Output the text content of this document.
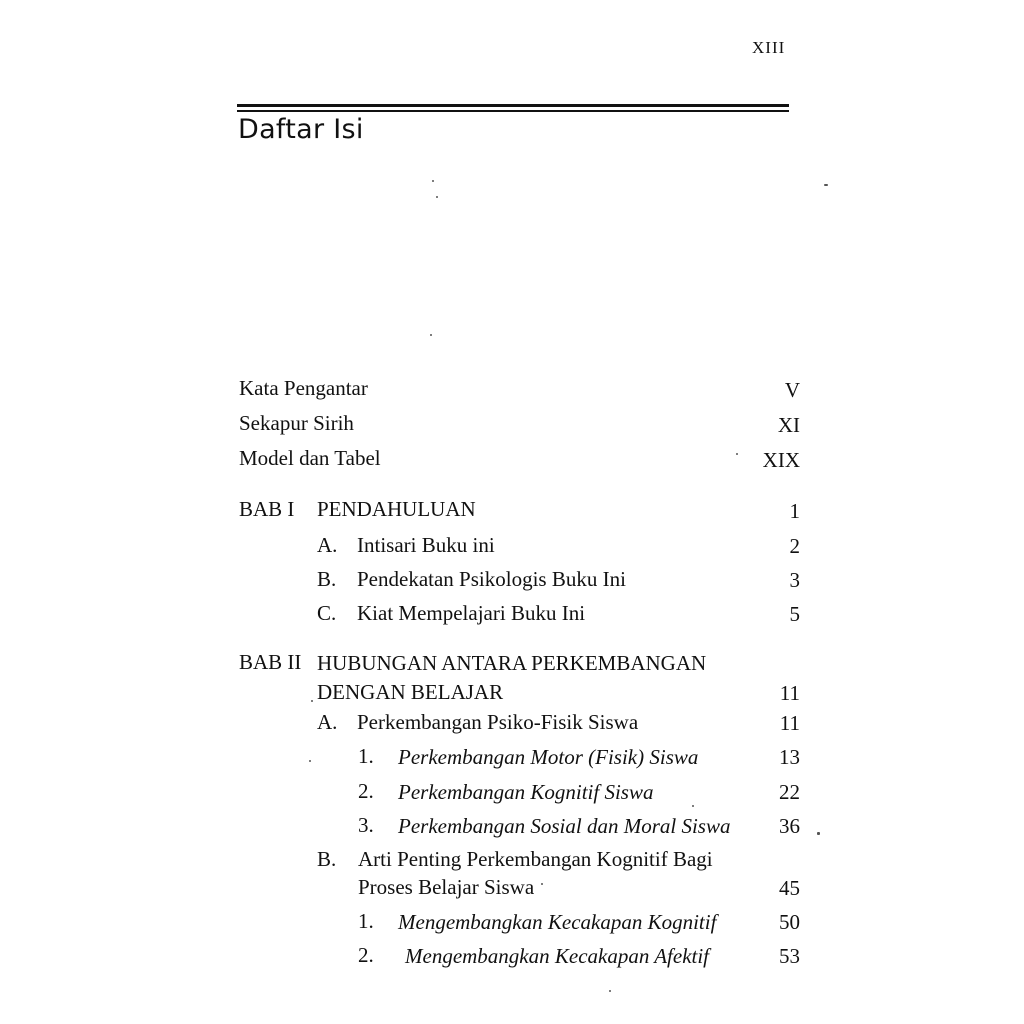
XIII
Daftar Isi
Kata Pengantar	V
Sekapur Sirih	XI
Model dan Tabel	XIX
BAB I PENDAHULUAN	1
A. Intisari Buku ini	2
B. Pendekatan Psikologis Buku Ini	3
C. Kiat Mempelajari Buku Ini	5
BAB II HUBUNGAN ANTARA PERKEMBANGAN
DENGAN BELAJAR	11
A. Perkembangan Psiko-Fisik Siswa	11
1. Perkembangan Motor (Fisik) Siswa	13
2. Perkembangan Kognitif Siswa	22
3. Perkembangan Sosial dan Moral Siswa 36
B. Arti Penting Perkembangan Kognitif Bagi
Proses Belajar Siswa	45
1. Mengembangkan Kecakapan Kognitif	50
2. Mengembangkan Kecakapan Afektif	53
